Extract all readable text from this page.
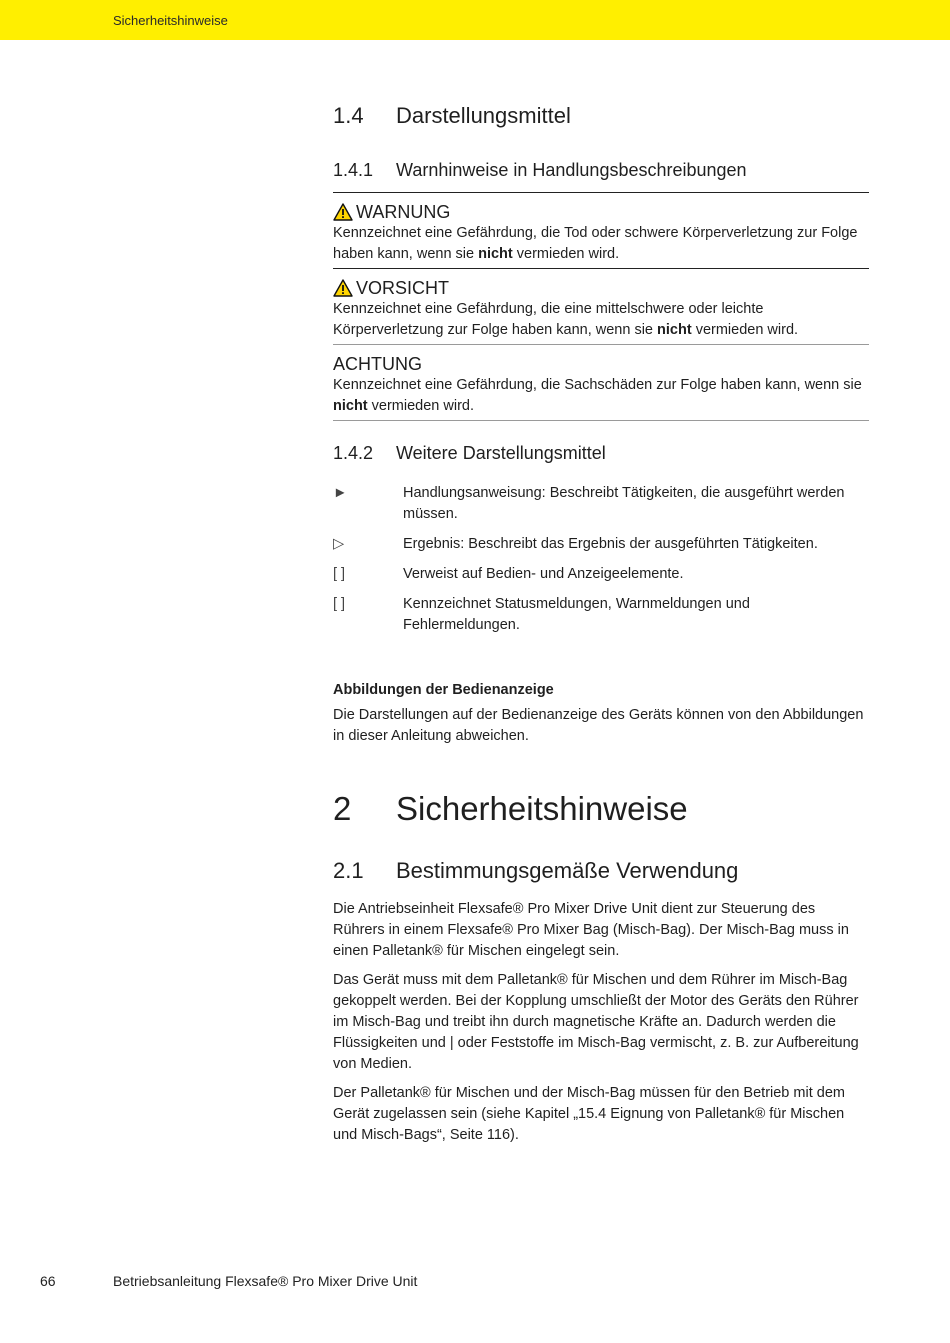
Sicherheitshinweise
1.4	Darstellungsmittel
1.4.1	Warnhinweise in Handlungsbeschreibungen
WARNUNG

Kennzeichnet eine Gefährdung, die Tod oder schwere Körperverletzung zur Folge haben kann, wenn sie nicht vermieden wird.

VORSICHT

Kennzeichnet eine Gefährdung, die eine mittelschwere oder leichte Körperverletzung zur Folge haben kann, wenn sie nicht vermieden wird.

ACHTUNG

Kennzeichnet eine Gefährdung, die Sachschäden zur Folge haben kann, wenn sie nicht vermieden wird.

1.4.2	Weitere Darstellungsmittel
►	Handlungsanweisung: Beschreibt Tätigkeiten, die ausgeführt werden müssen.
▷	Ergebnis: Beschreibt das Ergebnis der ausgeführten Tätigkeiten.
[ ]	Verweist auf Bedien- und Anzeigeelemente.
[ ]	Kennzeichnet Statusmeldungen, Warnmeldungen und Fehlermeldungen.

Abbildungen der Bedienanzeige

Die Darstellungen auf der Bedienanzeige des Geräts können von den Abbildungen in dieser Anleitung abweichen.

2	Sicherheitshinweise
2.1	Bestimmungsgemäße Verwendung

Die Antriebseinheit Flexsafe® Pro Mixer Drive Unit dient zur Steuerung des Rührers in einem Flexsafe® Pro Mixer Bag (Misch-Bag). Der Misch-Bag muss in einen Palletank® für Mischen eingelegt sein.

Das Gerät muss mit dem Palletank® für Mischen und dem Rührer im Misch-Bag gekoppelt werden. Bei der Kopplung umschließt der Motor des Geräts den Rührer im Misch-Bag und treibt ihn durch magnetische Kräfte an. Dadurch werden die Flüssigkeiten und | oder Feststoffe im Misch-Bag vermischt, z. B. zur Aufbereitung von Medien.

Der Palletank® für Mischen und der Misch-Bag müssen für den Betrieb mit dem Gerät zugelassen sein (siehe Kapitel „15.4 Eignung von Palletank® für Mischen und Misch-Bags“, Seite 116).

66	Betriebsanleitung Flexsafe® Pro Mixer Drive Unit
